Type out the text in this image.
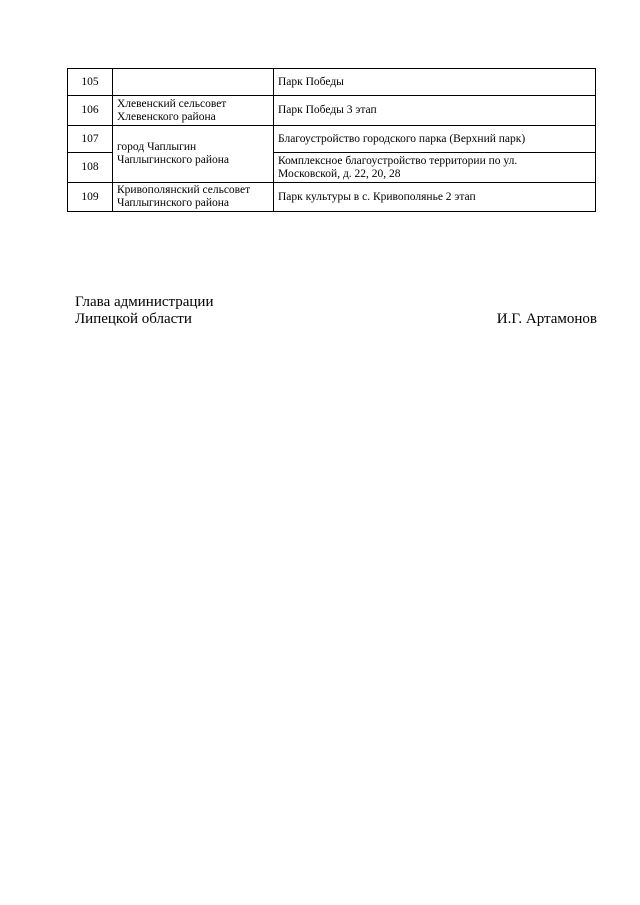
105		Парк Победы

106	Хлевенский сельсовет
Хлевенского района	Парк Победы 3 этап

107	город Чаплыгин
Чаплыгинского района	Благоустройство городского парка (Верхний парк)

108		Комплексное благоустройство территории по ул.
Московской, д. 22, 20, 28

109	Кривополянский сельсовет
Чаплыгинского района	Парк культуры в с. Кривополянье 2 этап
Глава администрации
Липецкой области	И.Г. Артамонов
